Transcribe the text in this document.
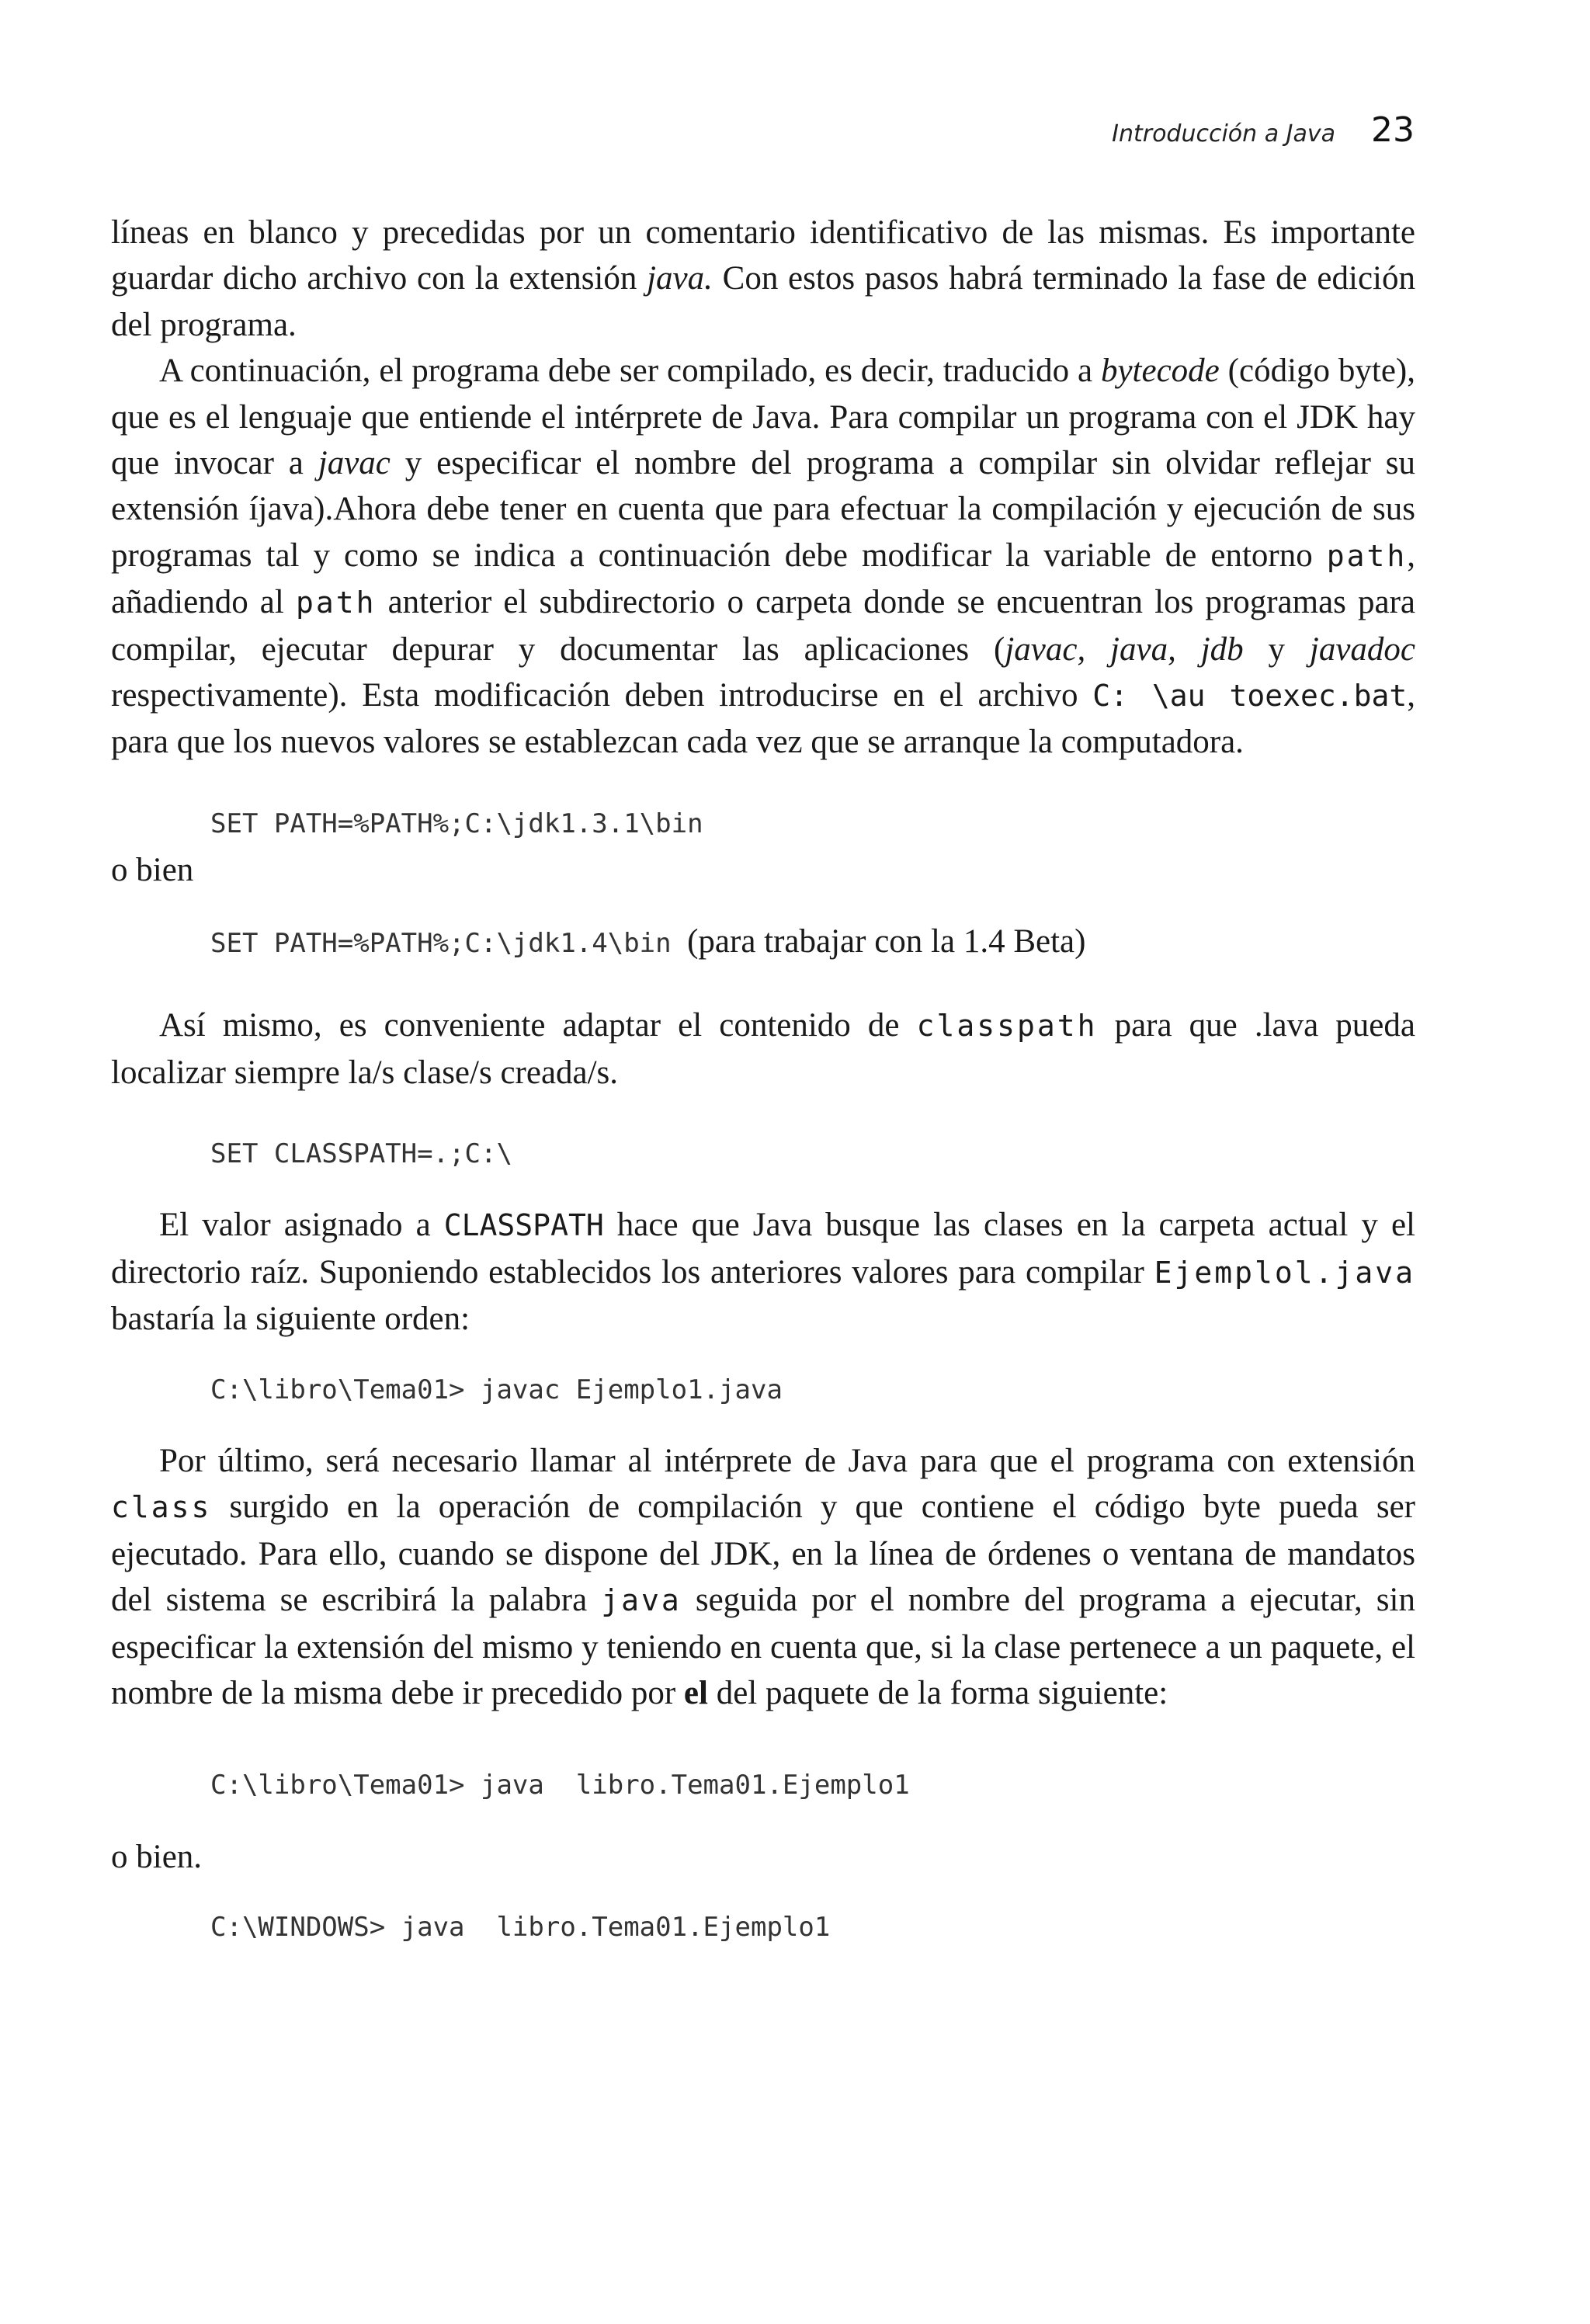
Introducción a Java 23

líneas en blanco y precedidas por un comentario identificativo de las mismas. Es importante guardar dicho archivo con la extensión java. Con estos pasos habrá terminado la fase de edición del programa.

A continuación, el programa debe ser compilado, es decir, traducido a bytecode (código byte), que es el lenguaje que entiende el intérprete de Java. Para compilar un programa con el JDK hay que invocar a javac y especificar el nombre del programa a compilar sin olvidar reflejar su extensión íjava).Ahora debe tener en cuenta que para efectuar la compilación y ejecución de sus programas tal y como se indica a continuación debe modificar la variable de entorno path, añadiendo al path anterior el subdirectorio o carpeta donde se encuentran los programas para compilar, ejecutar depurar y documentar las aplicaciones (javac, java, jdb y javadoc respectivamente). Esta modificación deben introducirse en el archivo C: \au toexec.bat, para que los nuevos valores se establezcan cada vez que se arranque la computadora.

SET PATH=%PATH%;C:\jdk1.3.1\bin

o bien

SET PATH=%PATH%;C:\jdk1.4\bin (para trabajar con la 1.4 Beta)

Así mismo, es conveniente adaptar el contenido de classpath para que .lava pueda localizar siempre la/s clase/s creada/s.

SET CLASSPATH=.;C:\

El valor asignado a CLASSPATH hace que Java busque las clases en la carpeta actual y el directorio raíz. Suponiendo establecidos los anteriores valores para compilar Ejemplol.java bastaría la siguiente orden:

C:\libro\Tema01> javac Ejemplo1.java

Por último, será necesario llamar al intérprete de Java para que el programa con extensión class surgido en la operación de compilación y que contiene el código byte pueda ser ejecutado. Para ello, cuando se dispone del JDK, en la línea de órdenes o ventana de mandatos del sistema se escribirá la palabra java seguida por el nombre del programa a ejecutar, sin especificar la extensión del mismo y teniendo en cuenta que, si la clase pertenece a un paquete, el nombre de la misma debe ir precedido por el del paquete de la forma siguiente:

C:\libro\Tema01> java  libro.Tema01.Ejemplo1

o bien.

C:\WINDOWS> java  libro.Tema01.Ejemplo1
